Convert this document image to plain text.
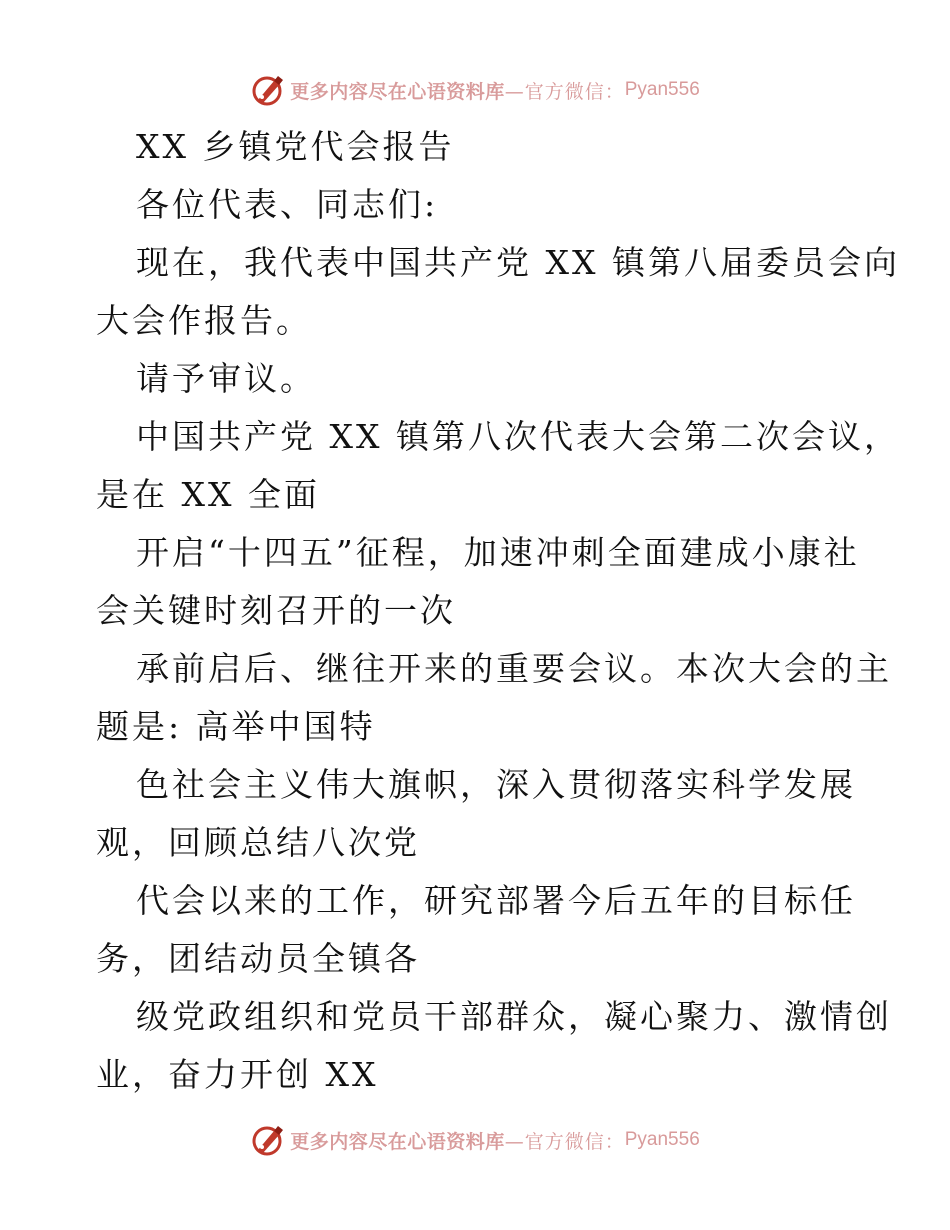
更多内容尽在心语资料库 —官方微信： Pyan556
XX 乡镇党代会报告
各位代表、同志们:
现在，我代表中国共产党 XX 镇第八届委员会向
大会作报告。
请予审议。
中国共产党 XX 镇第八次代表大会第二次会议，
是在 XX 全面
开启“十四五”征程，加速冲刺全面建成小康社
会关键时刻召开的一次
承前启后、继往开来的重要会议。本次大会的主
题是: 高举中国特
色社会主义伟大旗帜，深入贯彻落实科学发展
观，回顾总结八次党
代会以来的工作，研究部署今后五年的目标任
务，团结动员全镇各
级党政组织和党员干部群众，凝心聚力、激情创
业，奋力开创 XX
更多内容尽在心语资料库 —官方微信： Pyan556
